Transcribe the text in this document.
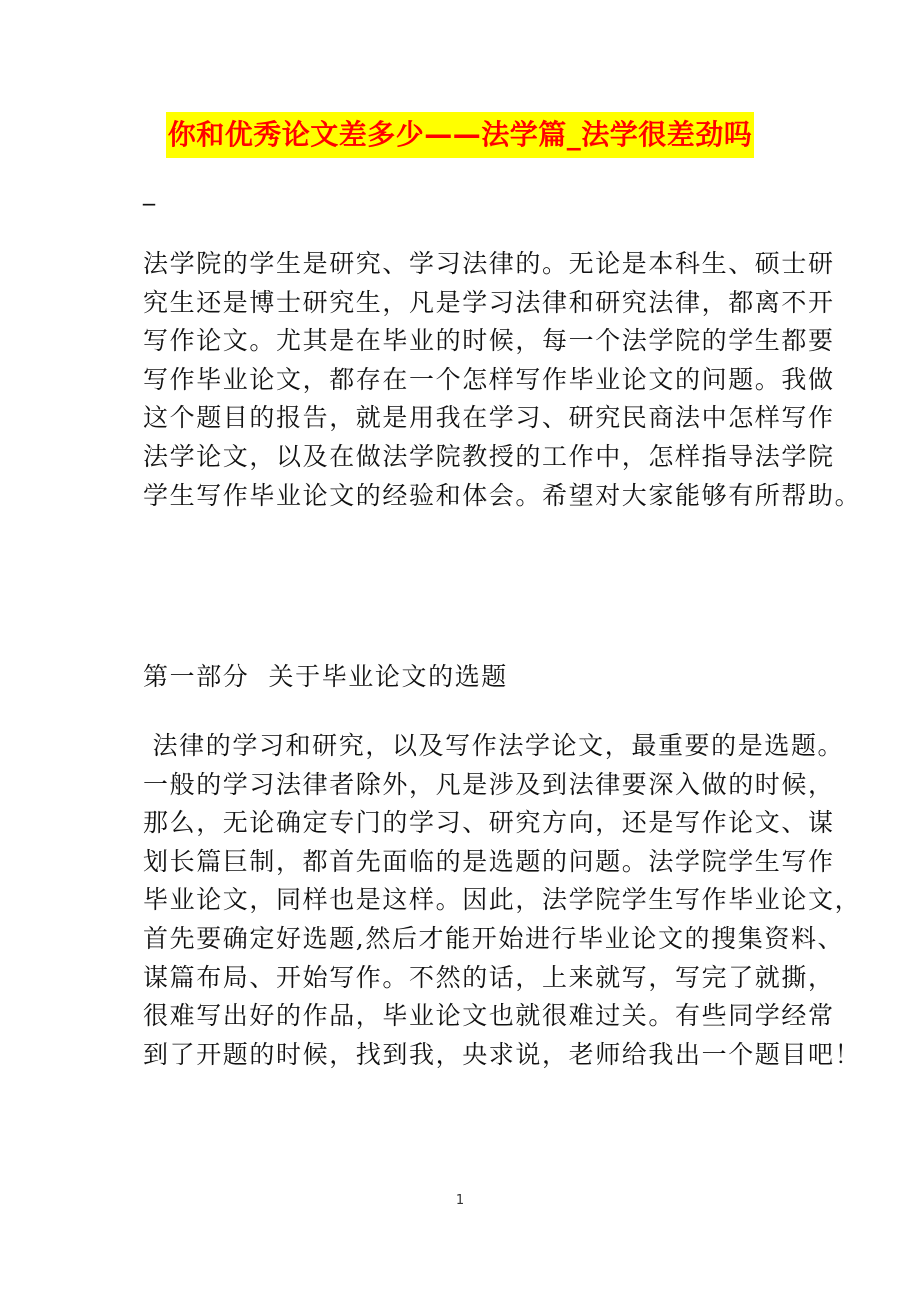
你和优秀论文差多少——法学篇_法学很差劲吗
_

法学院的学生是研究、学习法律的。无论是本科生、硕士研
究生还是博士研究生，凡是学习法律和研究法律，都离不开
写作论文。尤其是在毕业的时候，每一个法学院的学生都要
写作毕业论文，都存在一个怎样写作毕业论文的问题。我做
这个题目的报告，就是用我在学习、研究民商法中怎样写作
法学论文，以及在做法学院教授的工作中，怎样指导法学院
学生写作毕业论文的经验和体会。希望对大家能够有所帮助。

第一部分  关于毕业论文的选题

法律的学习和研究，以及写作法学论文，最重要的是选题。
一般的学习法律者除外，凡是涉及到法律要深入做的时候，
那么，无论确定专门的学习、研究方向，还是写作论文、谋
划长篇巨制，都首先面临的是选题的问题。法学院学生写作
毕业论文，同样也是这样。因此，法学院学生写作毕业论文，
首先要确定好选题,然后才能开始进行毕业论文的搜集资料、
谋篇布局、开始写作。不然的话，上来就写，写完了就撕，
很难写出好的作品，毕业论文也就很难过关。有些同学经常
到了开题的时候，找到我，央求说，老师给我出一个题目吧！

1
